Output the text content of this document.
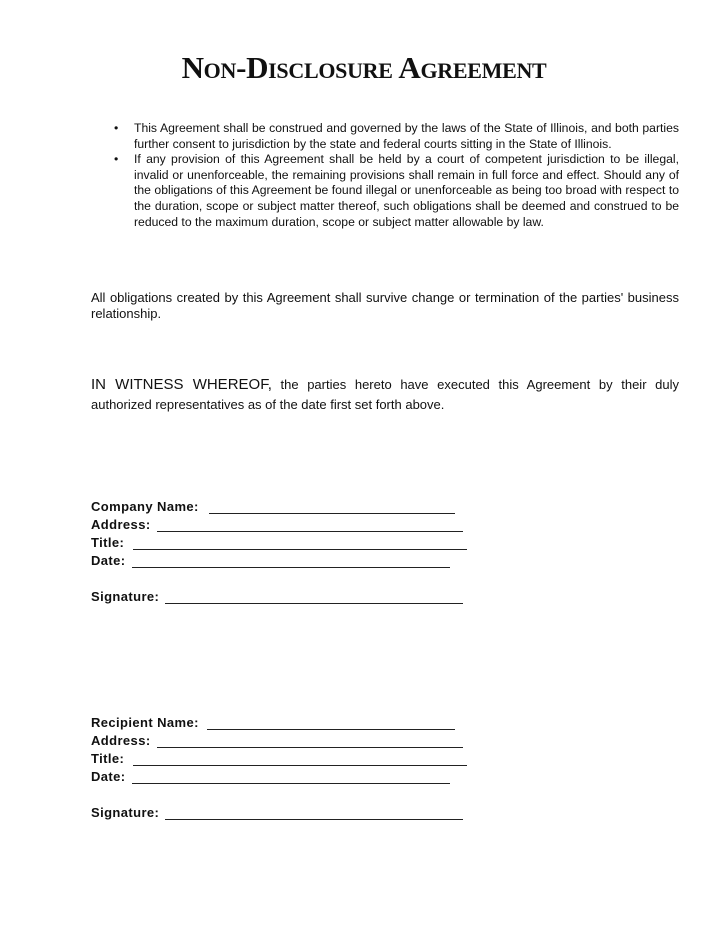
Non-Disclosure Agreement
• This Agreement shall be construed and governed by the laws of the State of Illinois, and both parties further consent to jurisdiction by the state and federal courts sitting in the State of Illinois.
• If any provision of this Agreement shall be held by a court of competent jurisdiction to be illegal, invalid or unenforceable, the remaining provisions shall remain in full force and effect. Should any of the obligations of this Agreement be found illegal or unenforceable as being too broad with respect to the duration, scope or subject matter thereof, such obligations shall be deemed and construed to be reduced to the maximum duration, scope or subject matter allowable by law.
All obligations created by this Agreement shall survive change or termination of the parties' business relationship.
IN WITNESS WHEREOF, the parties hereto have executed this Agreement by their duly authorized representatives as of the date first set forth above.
Company Name:
Address:
Title:
Date:
Signature:
Recipient Name:
Address:
Title:
Date:
Signature:
